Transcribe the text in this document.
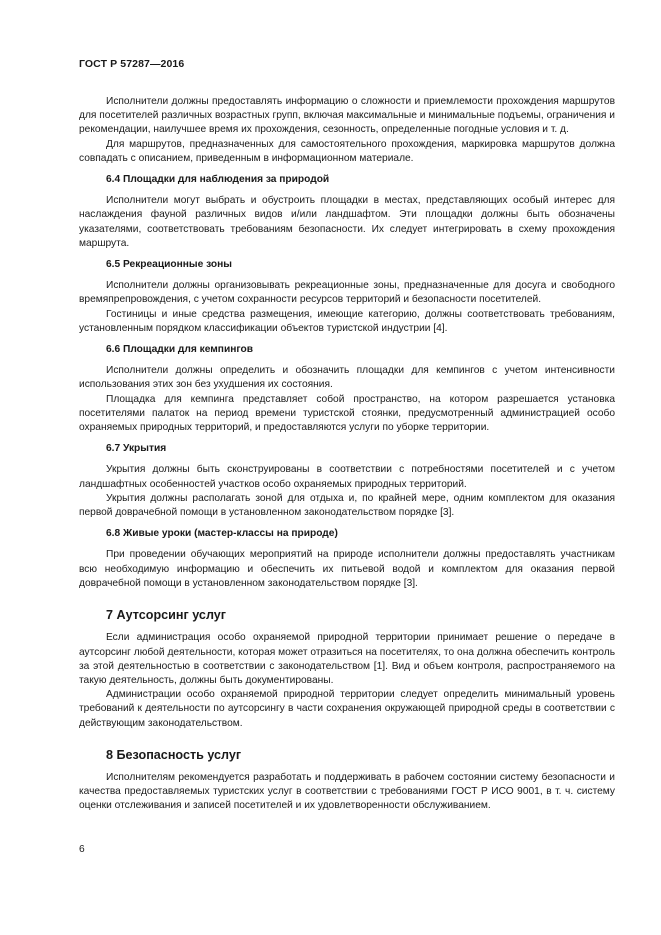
ГОСТ Р 57287—2016

Исполнители должны предоставлять информацию о сложности и приемлемости прохождения маршрутов для посетителей различных возрастных групп, включая максимальные и минимальные подъемы, ограничения и рекомендации, наилучшее время их прохождения, сезонность, определенные погодные условия и т. д.

Для маршрутов, предназначенных для самостоятельного прохождения, маркировка маршрутов должна совпадать с описанием, приведенным в информационном материале.

6.4 Площадки для наблюдения за природой

Исполнители могут выбрать и обустроить площадки в местах, представляющих особый интерес для наслаждения фауной различных видов и/или ландшафтом. Эти площадки должны быть обозначены указателями, соответствовать требованиям безопасности. Их следует интегрировать в схему прохождения маршрута.

6.5 Рекреационные зоны

Исполнители должны организовывать рекреационные зоны, предназначенные для досуга и свободного времяпрепровождения, с учетом сохранности ресурсов территорий и безопасности посетителей.

Гостиницы и иные средства размещения, имеющие категорию, должны соответствовать требованиям, установленным порядком классификации объектов туристской индустрии [4].

6.6 Площадки для кемпингов

Исполнители должны определить и обозначить площадки для кемпингов с учетом интенсивности использования этих зон без ухудшения их состояния.

Площадка для кемпинга представляет собой пространство, на котором разрешается установка посетителями палаток на период времени туристской стоянки, предусмотренный администрацией особо охраняемых природных территорий, и предоставляются услуги по уборке территории.

6.7 Укрытия

Укрытия должны быть сконструированы в соответствии с потребностями посетителей и с учетом ландшафтных особенностей участков особо охраняемых природных территорий.

Укрытия должны располагать зоной для отдыха и, по крайней мере, одним комплектом для оказания первой доврачебной помощи в установленном законодательством порядке [3].

6.8 Живые уроки (мастер-классы на природе)

При проведении обучающих мероприятий на природе исполнители должны предоставлять участникам всю необходимую информацию и обеспечить их питьевой водой и комплектом для оказания первой доврачебной помощи в установленном законодательством порядке [3].

7 Аутсорсинг услуг

Если администрация особо охраняемой природной территории принимает решение о передаче в аутсорсинг любой деятельности, которая может отразиться на посетителях, то она должна обеспечить контроль за этой деятельностью в соответствии с законодательством [1]. Вид и объем контроля, распространяемого на такую деятельность, должны быть документированы.

Администрации особо охраняемой природной территории следует определить минимальный уровень требований к деятельности по аутсорсингу в части сохранения окружающей природной среды в соответствии с действующим законодательством.

8 Безопасность услуг

Исполнителям рекомендуется разработать и поддерживать в рабочем состоянии систему безопасности и качества предоставляемых туристских услуг в соответствии с требованиями ГОСТ Р ИСО 9001, в т. ч. систему оценки отслеживания и записей посетителей и их удовлетворенности обслуживанием.

6
